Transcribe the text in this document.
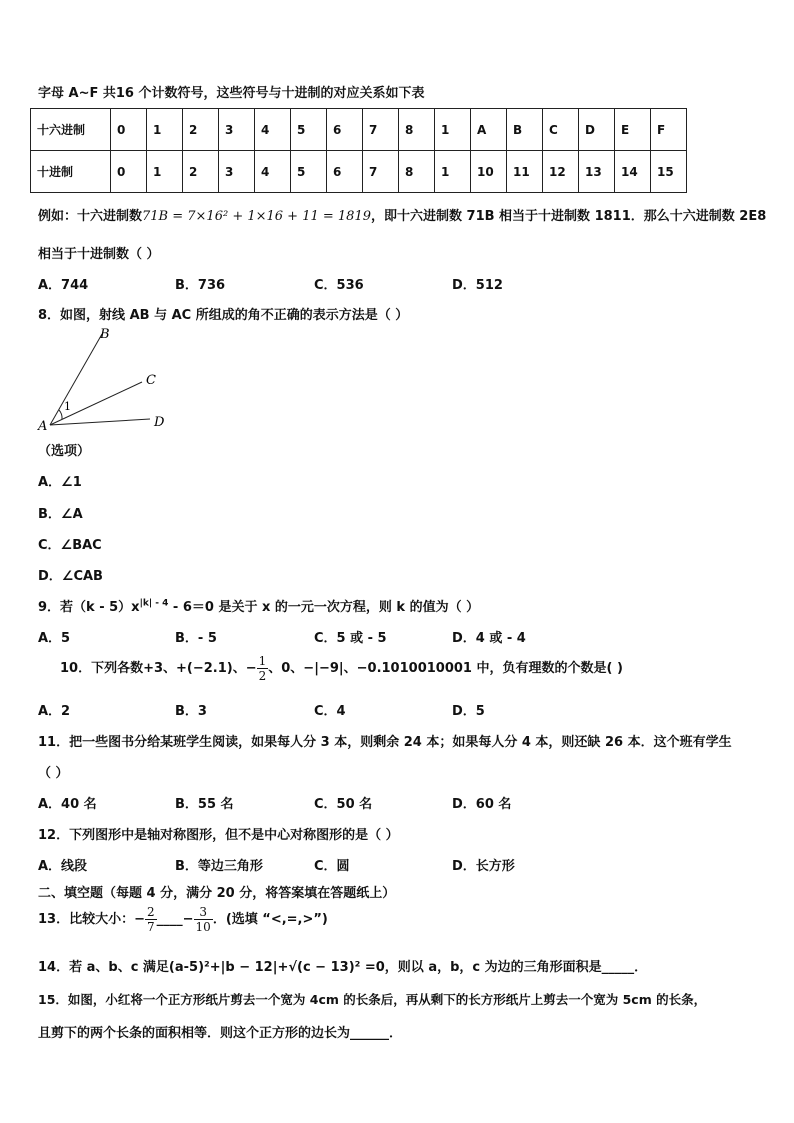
字母 A~F 共16 个计数符号，这些符号与十进制的对应关系如下表
十六进制	0	1	2	3	4	5	6	7	8	1	A	B	C	D	E	F
十进制	0	1	2	3	4	5	6	7	8	1	10	11	12	13	14	15
例如：十六进制数71B = 7×16² + 1×16 + 11 = 1819，即十六进制数 71B 相当于十进制数 1811．那么十六进制数 2E8
相当于十进制数（ ）
A．744	B．736	C．536	D．512
8．如图，射线 AB 与 AC 所组成的角不正确的表示方法是（ ）
A
B
C
D
1
（选项）
A．∠1
B．∠A
C．∠BAC
D．∠CAB
9．若$(k - 5)x^{|k| - 4} - 6=0$ 是关于 x 的一元一次方程，则 k 的值为（ ）
A．5	B．- 5	C．5 或 - 5	D．4 或 - 4
10．下列各数+3、+(−2.1)、− $\frac{1}{2}$ 、0、−|−9|、−0.1010010001 中，负有理数的个数是( )
A．2	B．3	C．4	D．5
11．把一些图书分给某班学生阅读，如果每人分 3 本，则剩余 24 本；如果每人分 4 本，则还缺 26 本．这个班有学生
（ ）
A．40 名	B．55 名	C．50 名	D．60 名
12．下列图形中是轴对称图形，但不是中心对称图形的是（ ）
A．线段	B．等边三角形	C．圆	D．长方形
二、填空题（每题 4 分，满分 20 分，将答案填在答题纸上）
13．比较大小：− $\frac{2}{7}$ ____− $\frac{3}{10}$ ．(选填 “<,=,>”)
14．若 a、b、c 满足(a-5)²+|b − 12|+√(c − 13)² =0，则以 a，b，c 为边的三角形面积是_____．
15．如图，小红将一个正方形纸片剪去一个宽为 4cm 的长条后，再从剩下的长方形纸片上剪去一个宽为 5cm 的长条，
且剪下的两个长条的面积相等．则这个正方形的边长为______．
